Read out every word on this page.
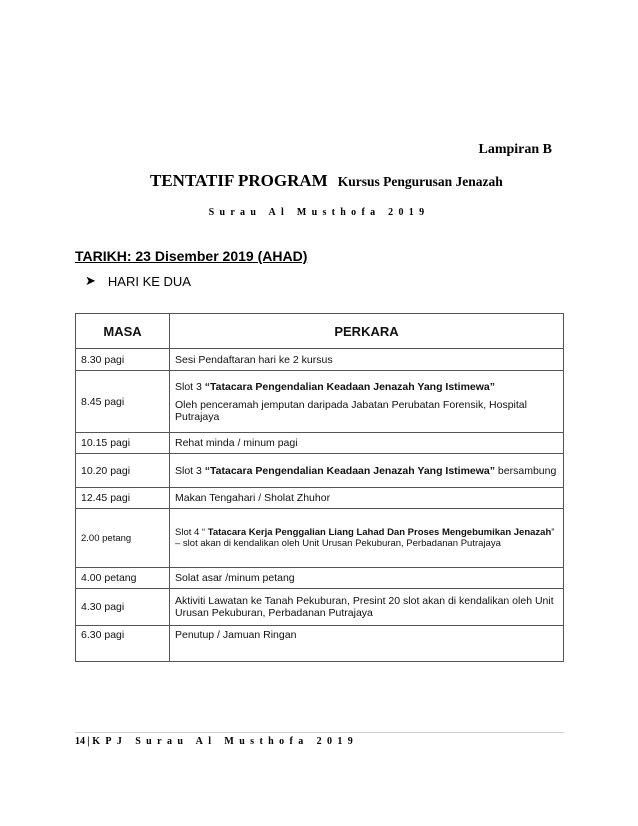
Lampiran B
TENTATIF PROGRAM Kursus Pengurusan Jenazah
Surau Al Musthofa 2019
TARIKH: 23 Disember 2019 (AHAD)
➤ HARI KE DUA
MASA	PERKARA
8.30 pagi	Sesi Pendaftaran hari ke 2 kursus
8.45 pagi	Slot 3 “Tatacara Pengendalian Keadaan Jenazah Yang Istimewa”
Oleh penceramah jemputan daripada Jabatan Perubatan Forensik, Hospital Putrajaya

10.15 pagi	Rehat minda / minum pagi
10.20 pagi	Slot 3 “Tatacara Pengendalian Keadaan Jenazah Yang Istimewa” bersambung
12.45 pagi	Makan Tengahari / Sholat Zhuhor
2.00 petang	Slot 4 “ Tatacara Kerja Penggalian Liang Lahad Dan Proses Mengebumikan Jenazah” – slot akan di kendalikan oleh Unit Urusan Pekuburan, Perbadanan Putrajaya
4.00 petang	Solat asar /minum petang
4.30 pagi	Aktiviti Lawatan ke Tanah Pekuburan, Presint 20 slot akan di kendalikan oleh Unit Urusan Pekuburan, Perbadanan Putrajaya
6.30 pagi	Penutup / Jamuan Ringan
14 | KPJ Surau Al Musthofa 2019
